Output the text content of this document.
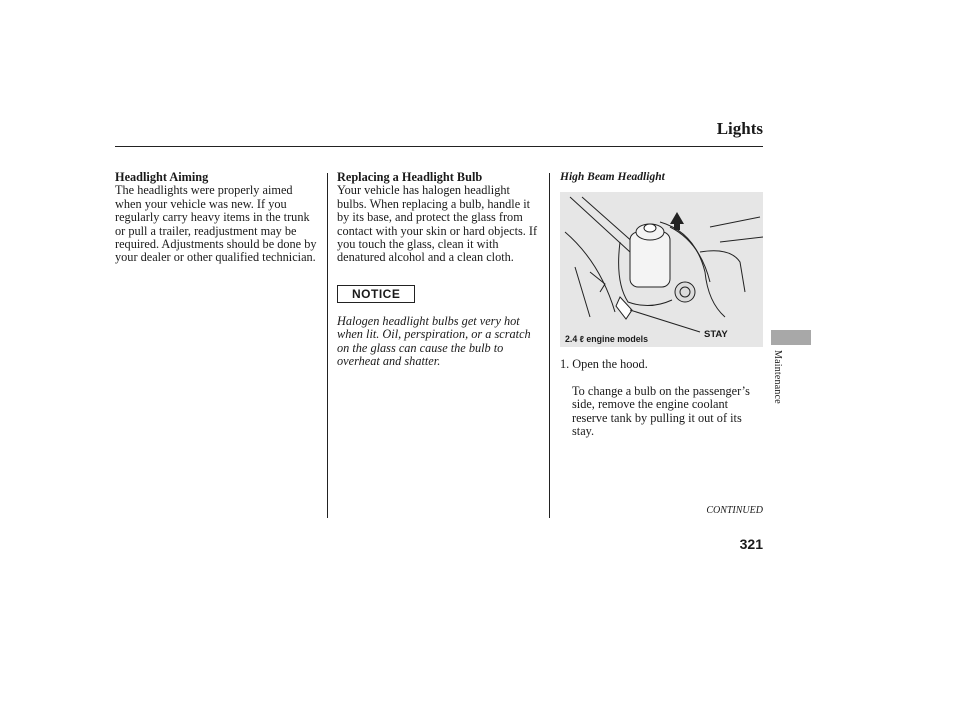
Lights
Headlight Aiming
The headlights were properly aimed when your vehicle was new. If you regularly carry heavy items in the trunk or pull a trailer, readjustment may be required. Adjustments should be done by your dealer or other qualified technician.
Replacing a Headlight Bulb
Your vehicle has halogen headlight bulbs. When replacing a bulb, handle it by its base, and protect the glass from contact with your skin or hard objects. If you touch the glass, clean it with denatured alcohol and a clean cloth.
NOTICE
Halogen headlight bulbs get very hot when lit. Oil, perspiration, or a scratch on the glass can cause the bulb to overheat and shatter.
High Beam Headlight
STAY
2.4 ℓ engine models
1. Open the hood.
To change a bulb on the passenger’s side, remove the engine coolant reserve tank by pulling it out of its stay.
CONTINUED
321
Maintenance
